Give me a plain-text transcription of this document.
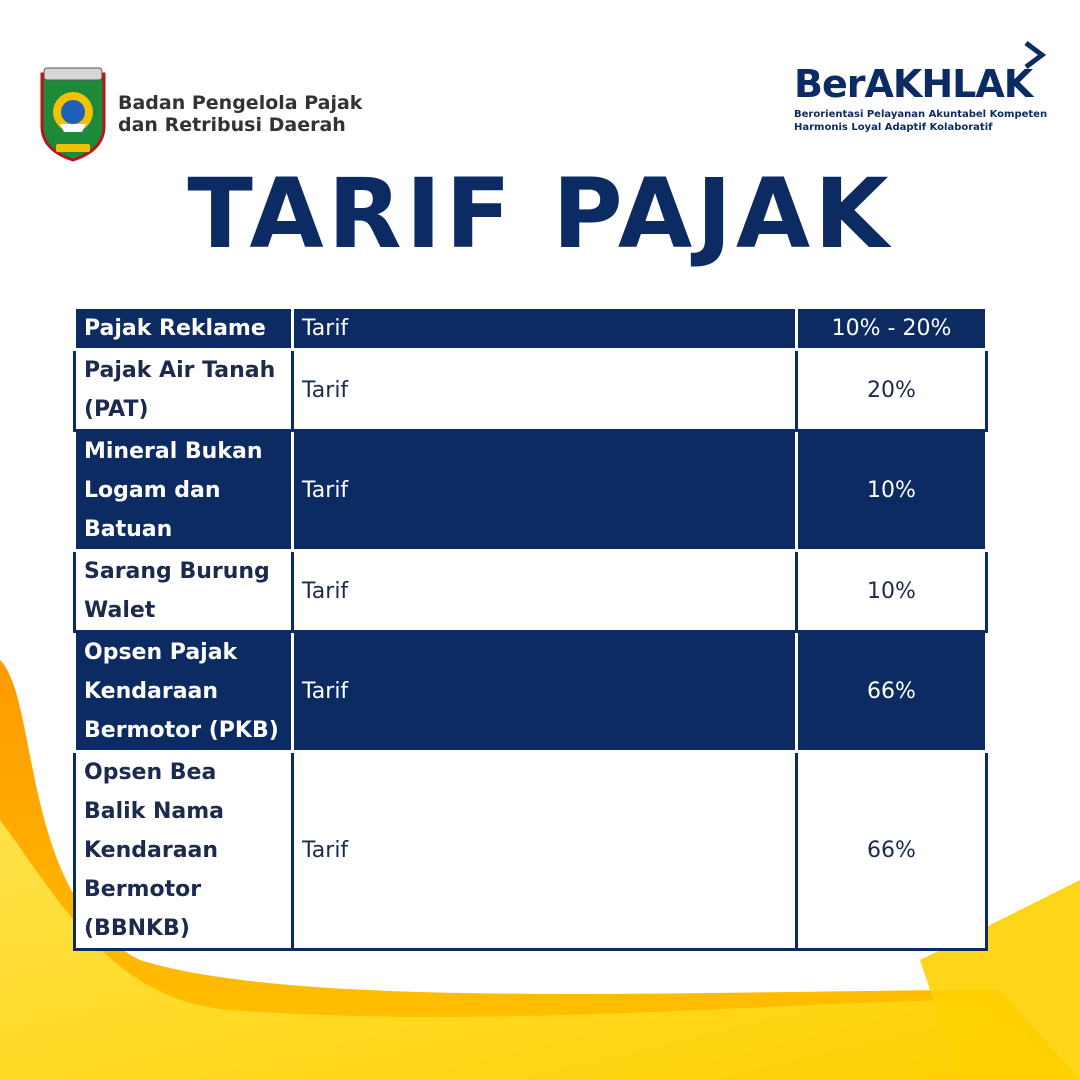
Badan Pengelola Pajak
dan Retribusi Daerah
BerAKHLAK
Berorientasi Pelayanan Akuntabel Kompeten
Harmonis Loyal Adaptif Kolaboratif
TARIF PAJAK
Pajak Reklame	Tarif	10% - 20%
Pajak Air Tanah (PAT)	Tarif	20%
Mineral Bukan Logam dan Batuan	Tarif	10%
Sarang Burung Walet	Tarif	10%
Opsen Pajak Kendaraan Bermotor (PKB)	Tarif	66%
Opsen Bea Balik Nama Kendaraan Bermotor (BBNKB)	Tarif	66%
